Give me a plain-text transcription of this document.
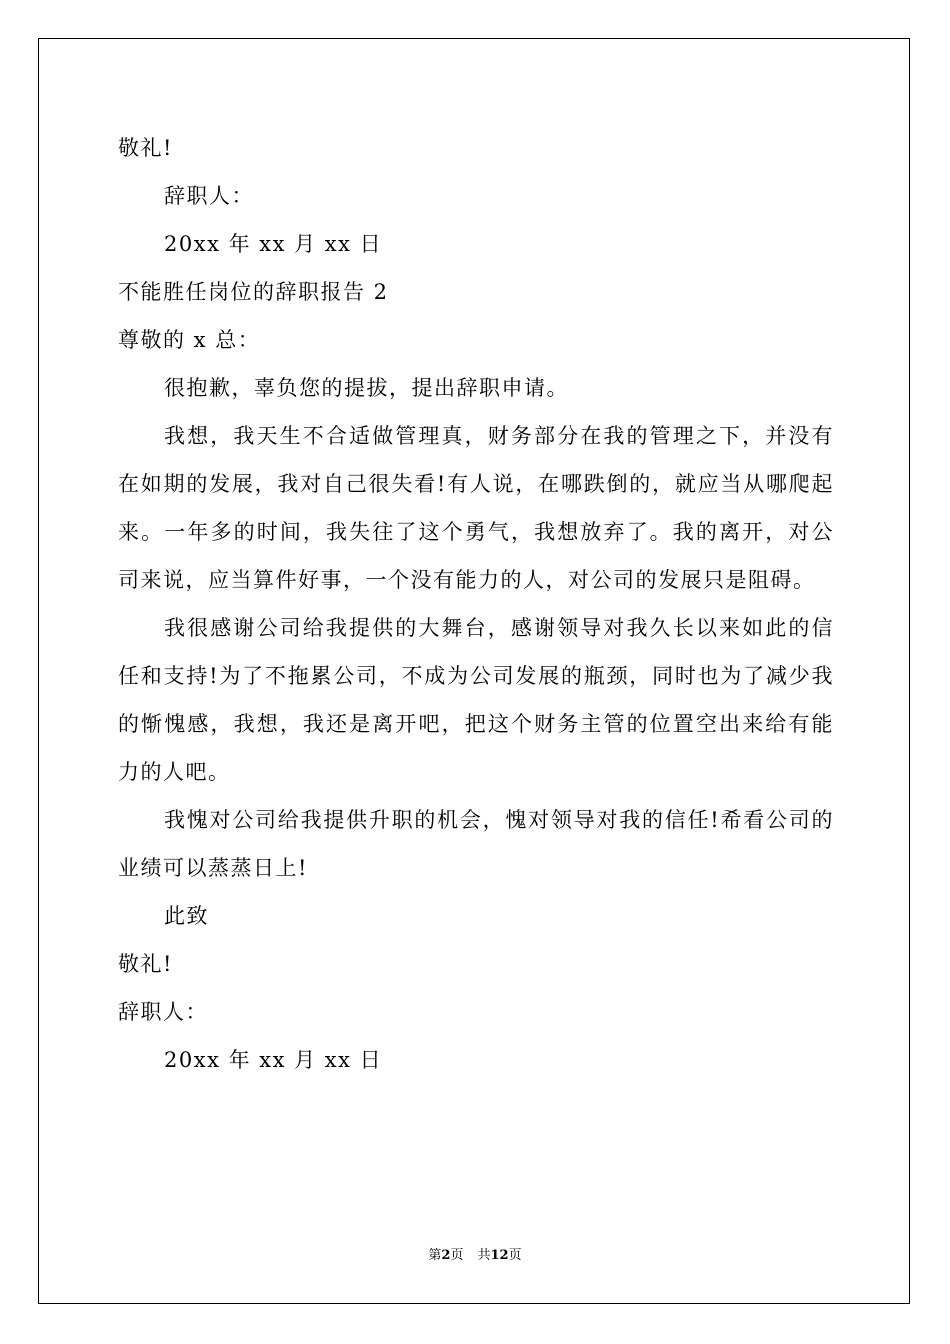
敬礼!

辞职人：

20xx 年 xx 月 xx 日

不能胜任岗位的辞职报告 2

尊敬的 x 总：

很抱歉，辜负您的提拔，提出辞职申请。

我想，我天生不合适做管理真，财务部分在我的管理之下，并没有在如期的发展，我对自己很失看!有人说，在哪跌倒的，就应当从哪爬起来。一年多的时间，我失往了这个勇气，我想放弃了。我的离开，对公司来说，应当算件好事，一个没有能力的人，对公司的发展只是阻碍。

我很感谢公司给我提供的大舞台，感谢领导对我久长以来如此的信任和支持!为了不拖累公司，不成为公司发展的瓶颈，同时也为了减少我的惭愧感，我想，我还是离开吧，把这个财务主管的位置空出来给有能力的人吧。

我愧对公司给我提供升职的机会，愧对领导对我的信任!希看公司的业绩可以蒸蒸日上!

此致

敬礼!

辞职人：

20xx 年 xx 月 xx 日

第2页 共12页
